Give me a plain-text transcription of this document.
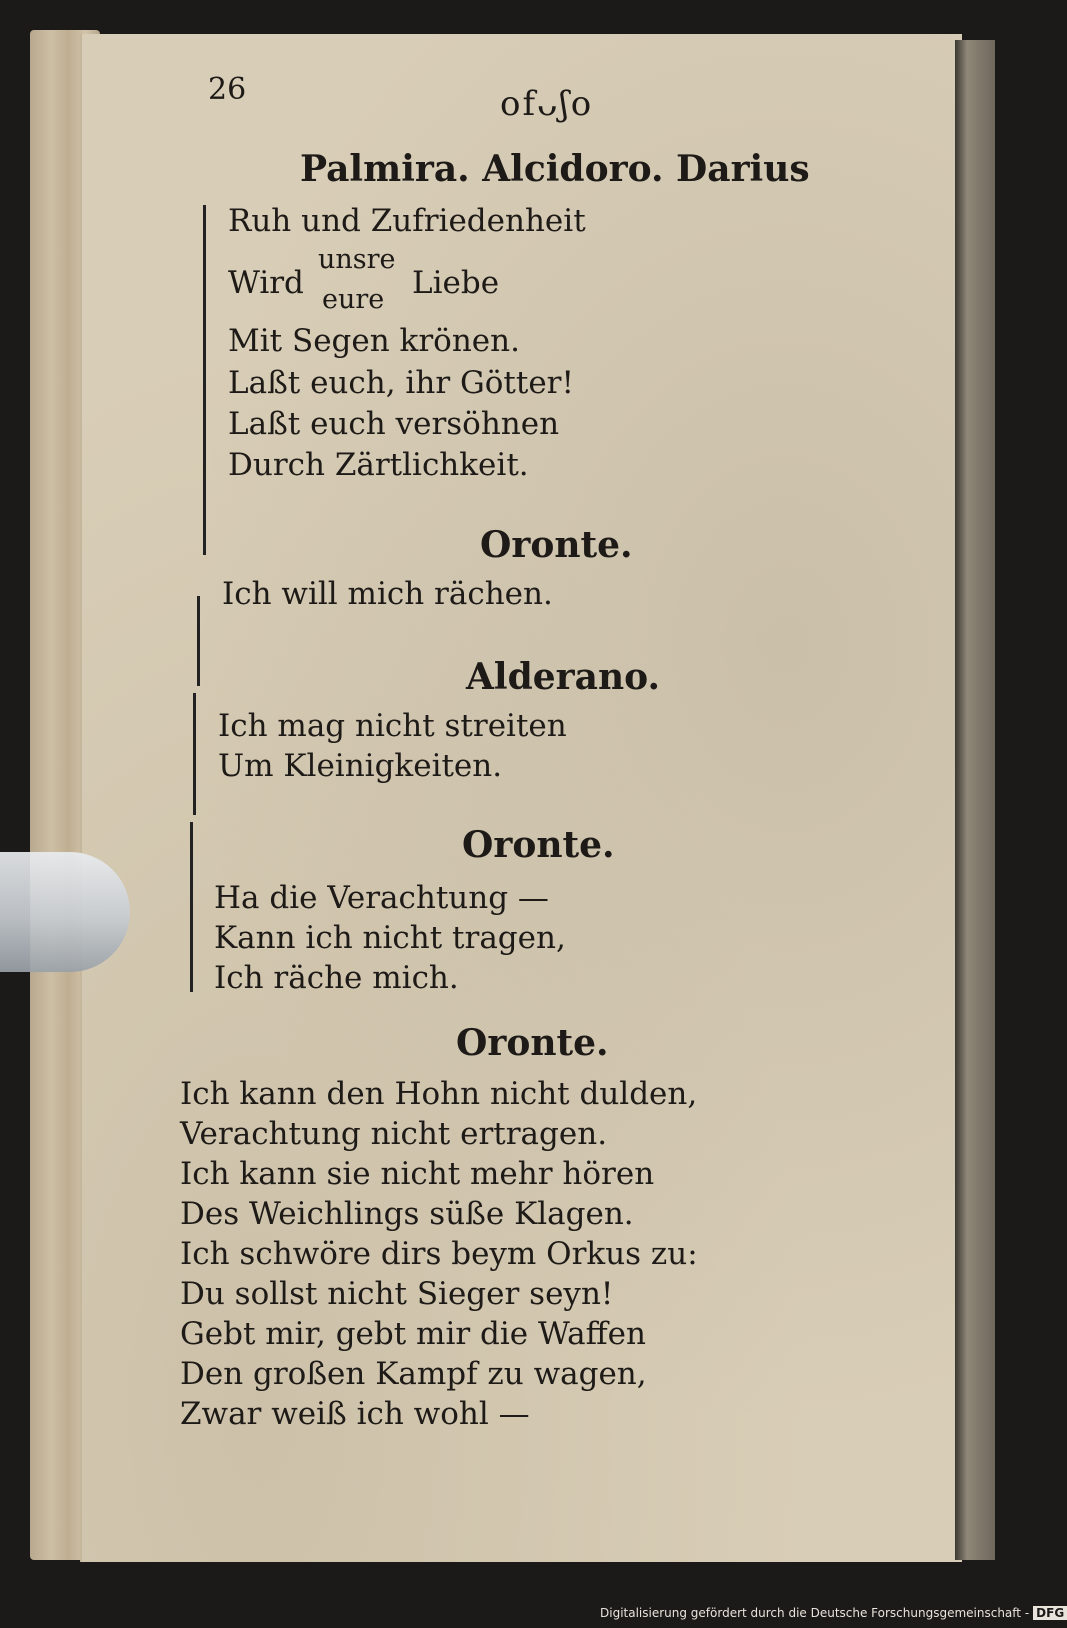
26	ofᴗʃo
Palmira. Alcidoro. Darius
Ruh und Zufriedenheit
Wird
unsre
eure Liebe
Mit Segen krönen.
Laßt euch, ihr Götter!
Laßt euch versöhnen
Durch Zärtlichkeit.
Oronte.
Ich will mich rächen.
Alderano.
Ich mag nicht streiten
Um Kleinigkeiten.
Oronte.
Ha die Verachtung —
Kann ich nicht tragen,
Ich räche mich.
Oronte.
Ich kann den Hohn nicht dulden,
Verachtung nicht ertragen.
Ich kann sie nicht mehr hören
Des Weichlings süße Klagen.
Ich schwöre dirs beym Orkus zu:
Du sollst nicht Sieger seyn!
Gebt mir, gebt mir die Waffen
Den großen Kampf zu wagen,
Zwar weiß ich wohl —
Digitalisierung gefördert durch die Deutsche Forschungsgemeinschaft - DFG
